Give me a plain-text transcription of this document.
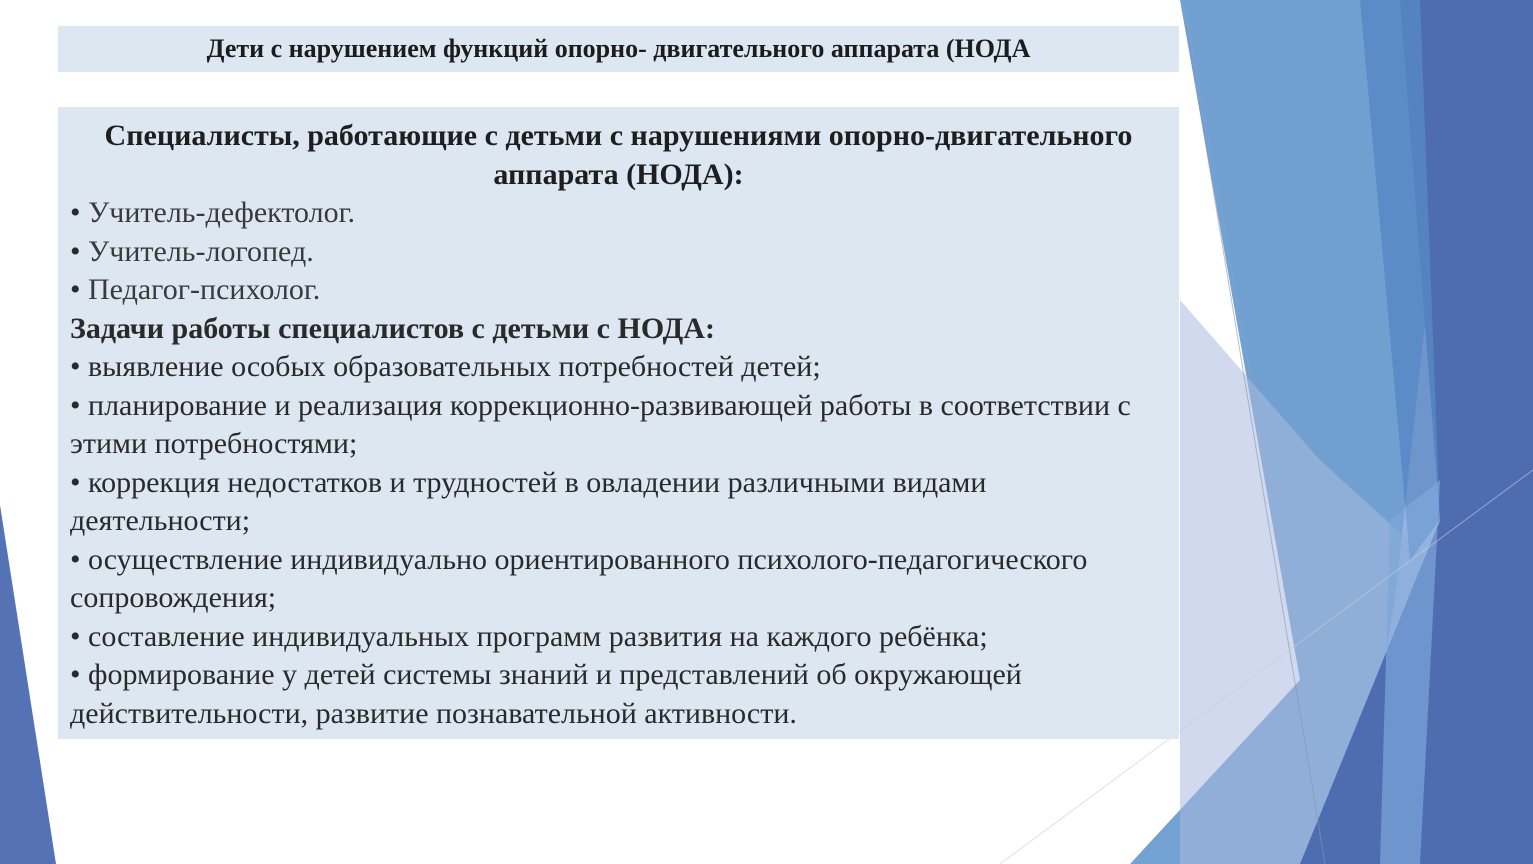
Дети с нарушением функций опорно- двигательного аппарата (НОДА

Специалисты, работающие с детьми с нарушениями опорно-двигательного аппарата (НОДА):

• Учитель-дефектолог.
• Учитель-логопед.
• Педагог-психолог.

Задачи работы специалистов с детьми с НОДА:

• выявление особых образовательных потребностей детей;
• планирование и реализация коррекционно-развивающей работы в соответствии с этими потребностями;
• коррекция недостатков и трудностей в овладении различными видами деятельности;
• осуществление индивидуально ориентированного психолого-педагогического сопровождения;
• составление индивидуальных программ развития на каждого ребёнка;
• формирование у детей системы знаний и представлений об окружающей действительности, развитие познавательной активности.
